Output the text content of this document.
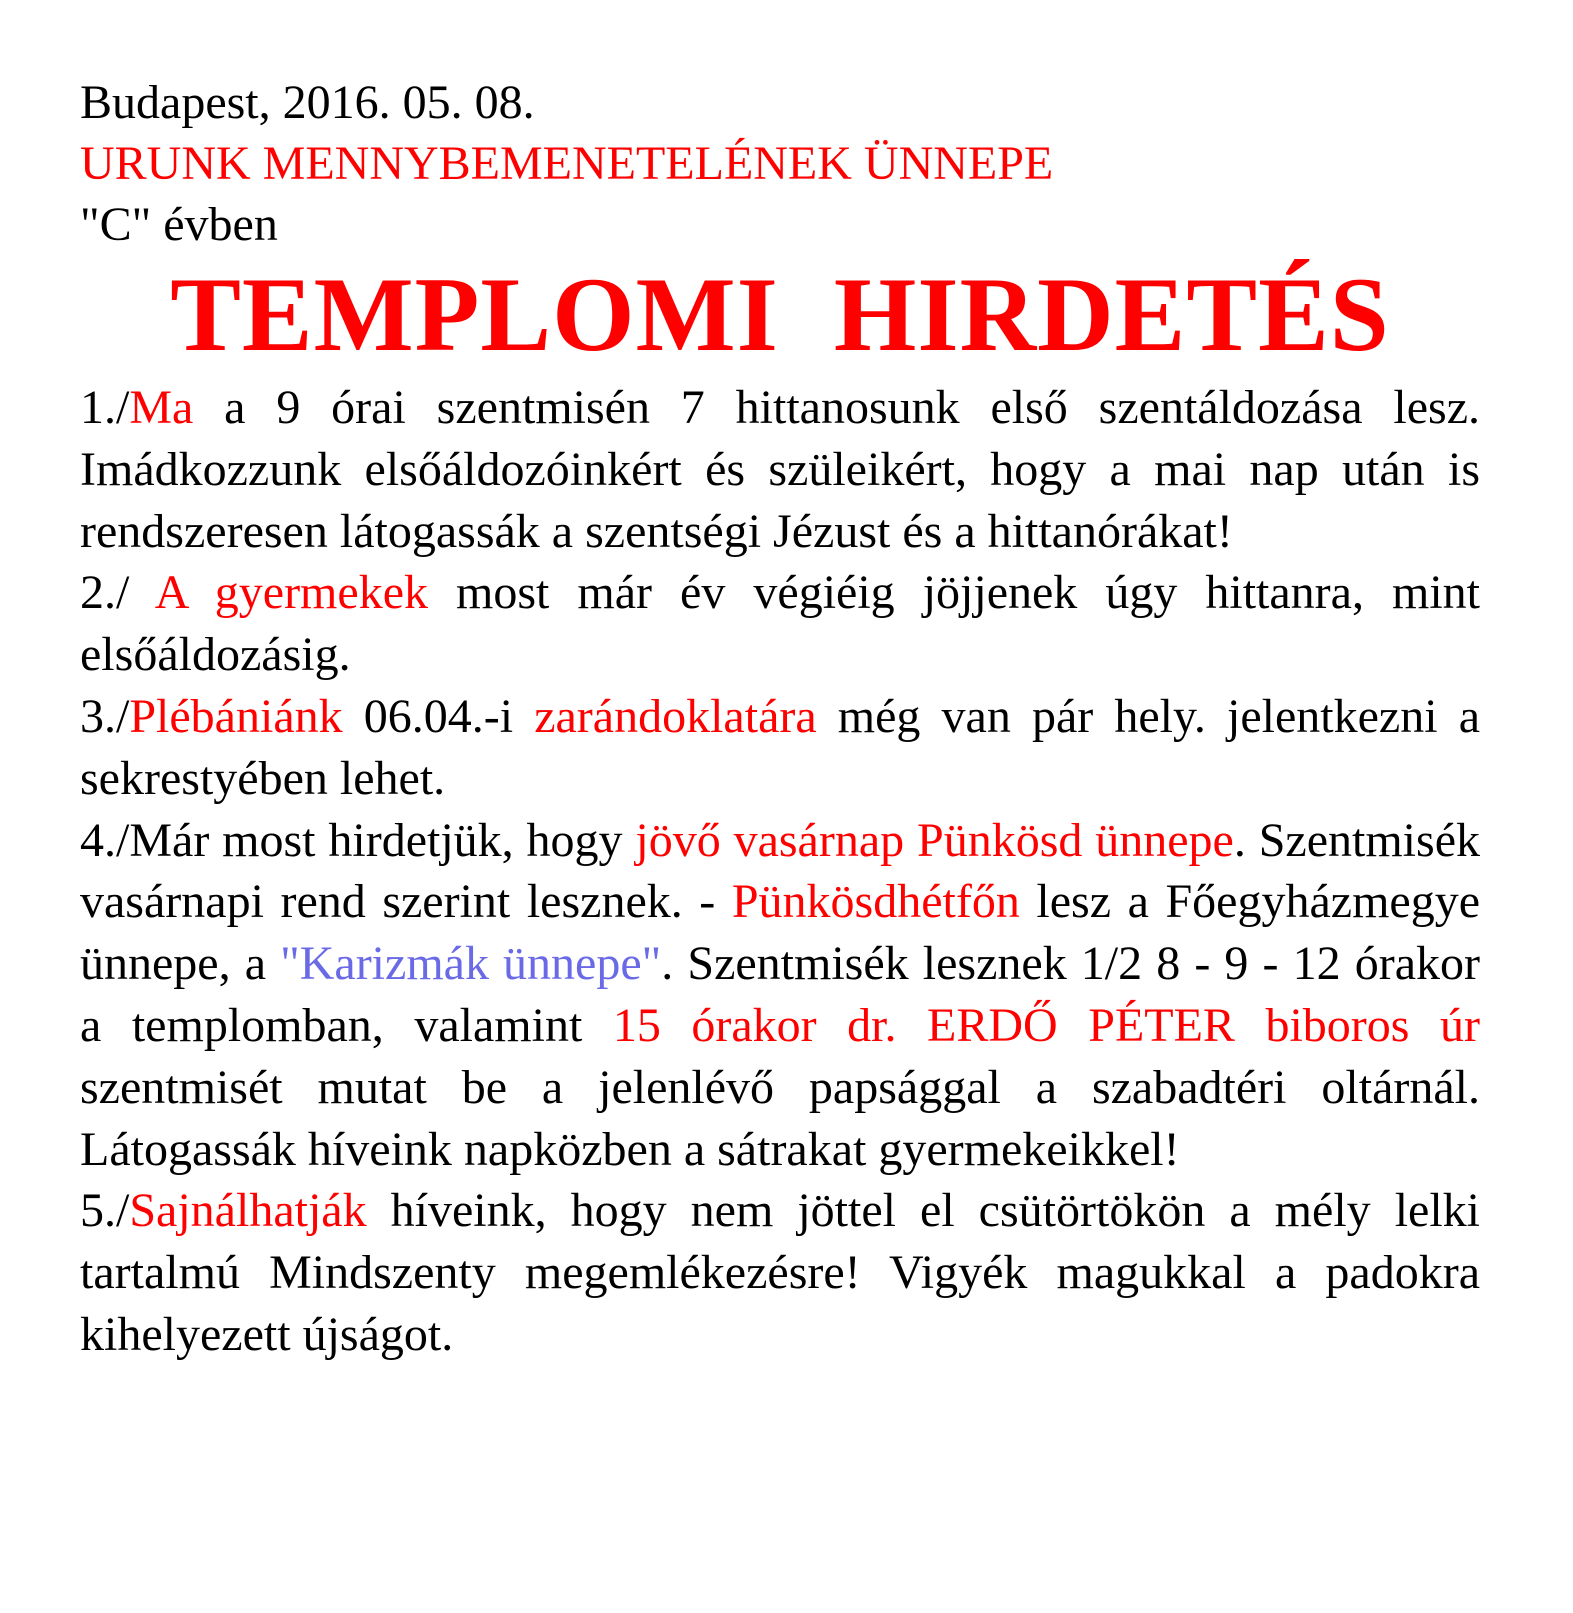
Budapest, 2016. 05. 08.
URUNK MENNYBEMENETELÉNEK ÜNNEPE
"C" évben
TEMPLOMI  HIRDETÉS
1./Ma a 9 órai szentmisén 7 hittanosunk első szentáldozása lesz. Imádkozzunk elsőáldozóinkért és szüleikért, hogy a mai nap után is rendszeresen látogassák a szentségi Jézust és a hittanórákat!
2./ A gyermekek most már év végiéig jöjjenek úgy hittanra, mint elsőáldozásig.
3./Plébániánk 06.04.-i zarándoklatára még van pár hely. jelentkezni a sekrestyében lehet.
4./Már most hirdetjük, hogy jövő vasárnap Pünkösd ünnepe. Szentmisék vasárnapi rend szerint lesznek. - Pünkösdhétfőn lesz a Főegyházmegye ünnepe, a "Karizmák ünnepe". Szentmisék lesznek 1/2 8 - 9 - 12 órakor a templomban, valamint 15 órakor dr. ERDŐ PÉTER biboros úr szentmisét mutat be a jelenlévő papsággal a szabadtéri oltárnál. Látogassák híveink napközben a sátrakat gyermekeikkel!
5./Sajnálhatják híveink, hogy nem jöttel el csütörtökön a mély lelki tartalmú Mindszenty megemlékezésre! Vigyék magukkal a padokra kihelyezett újságot.
